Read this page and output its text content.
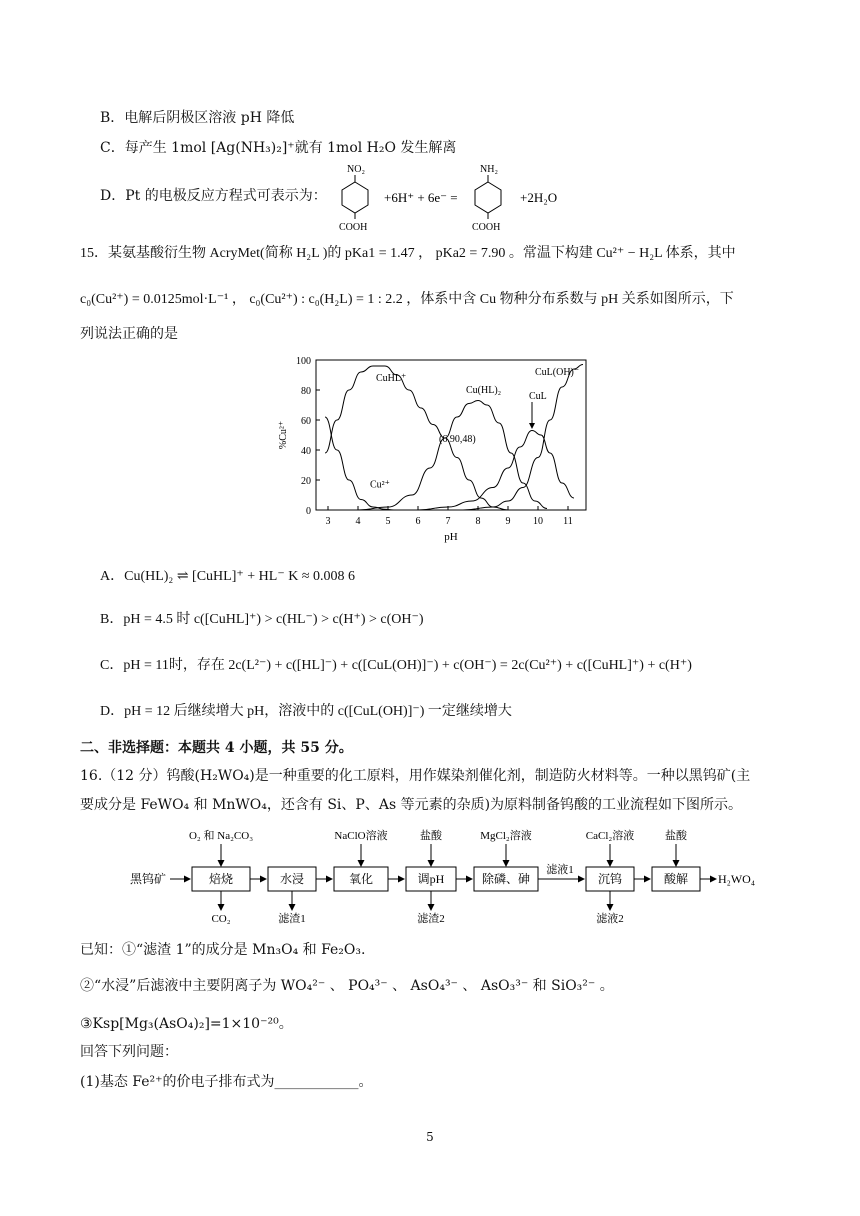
B．电解后阴极区溶液 pH 降低
C．每产生 1mol [Ag(NH₃)₂]⁺就有 1mol H₂O 发生解离
D．Pt 的电极反应方程式可表示为：
NO₂
COOH
+6H⁺ + 6e⁻ =
NH₂
COOH
+2H₂O
15．某氨基酸衍生物 AcryMet(简称 H₂L )的 pKa1 = 1.47 ， pKa2 = 7.90 。常温下构建 Cu²⁺ − H₂L 体系，其中
c₀(Cu²⁺) = 0.0125mol·L⁻¹ ， c₀(Cu²⁺) : c₀(H₂L) = 1 : 2.2 ，体系中含 Cu 物种分布系数与 pH 关系如图所示，下
列说法正确的是
0
20
40
60
80
100
3	4	5	6	7	8	9 10 11
pH
%Cu²⁺
Cu²⁺
CuHL⁺
Cu(HL)₂
CuL
CuL(OH)⁻
(6.90,48)
A．Cu(HL)₂ ⇌ [CuHL]⁺ + HL⁻ K ≈ 0.008 6
B．pH = 4.5 时 c([CuHL]⁺) > c(HL⁻) > c(H⁺) > c(OH⁻)
C．pH = 11时，存在 2c(L²⁻) + c([HL]⁻) + c([CuL(OH)]⁻) + c(OH⁻) = 2c(Cu²⁺) + c([CuHL]⁺) + c(H⁺)
D．pH = 12 后继续增大 pH，溶液中的 c([CuL(OH)]⁻) 一定继续增大
二、非选择题：本题共 4 小题，共 55 分。
16.（12 分）钨酸(H₂WO₄)是一种重要的化工原料，用作媒染剂催化剂，制造防火材料等。一种以黑钨矿(主
要成分是 FeWO₄ 和 MnWO₄，还含有 Si、P、As 等元素的杂质)为原料制备钨酸的工业流程如下图所示。
黑钨矿	焙烧
O₂ 和 Na₂CO₃
CO₂
水浸
滤渣1
氧化
NaClO溶液
调pH
盐酸
滤渣2
除磷、砷
MgCl₂溶液
滤液1
沉钨
CaCl₂溶液
滤液2
酸解
盐酸
H₂WO₄
已知：①“滤渣 1”的成分是 Mn₃O₄ 和 Fe₂O₃.
②“水浸”后滤液中主要阴离子为 WO₄²⁻ 、 PO₄³⁻ 、 AsO₄³⁻ 、 AsO₃³⁻ 和 SiO₃²⁻ 。
③Ksp[Mg₃(AsO₄)₂]=1×10⁻²⁰。
回答下列问题：
(1)基态 Fe²⁺的价电子排布式为____________。
5
